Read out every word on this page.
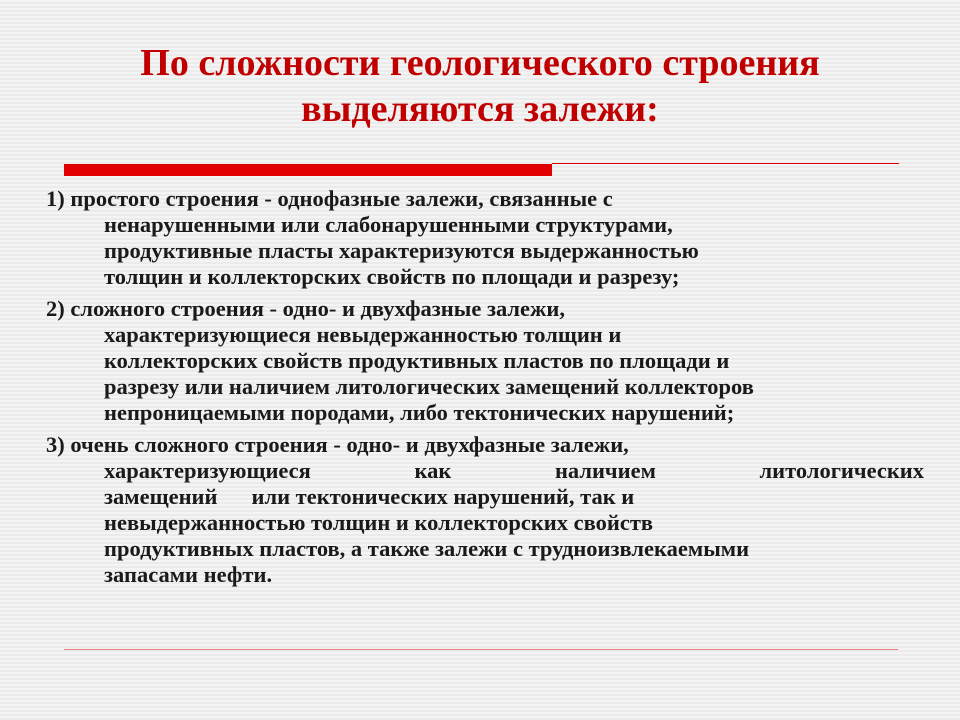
По сложности геологического строения
выделяются залежи:
1) простого строения - однофазные залежи, связанные с
ненарушенными или слабонарушенными структурами,
продуктивные пласты характеризуются выдержанностью
толщин и коллекторских свойств по площади и разрезу;
2) сложного строения - одно- и двухфазные залежи,
характеризующиеся невыдержанностью толщин и
коллекторских свойств продуктивных пластов по площади и
разрезу или наличием литологических замещений коллекторов
непроницаемыми породами, либо тектонических нарушений;
3) очень сложного строения - одно- и двухфазные залежи,
характеризующиеся	как	наличием	литологических
замещений или тектонических нарушений, так и
невыдержанностью толщин и коллекторских свойств
продуктивных пластов, а также залежи с трудноизвлекаемыми
запасами нефти.
